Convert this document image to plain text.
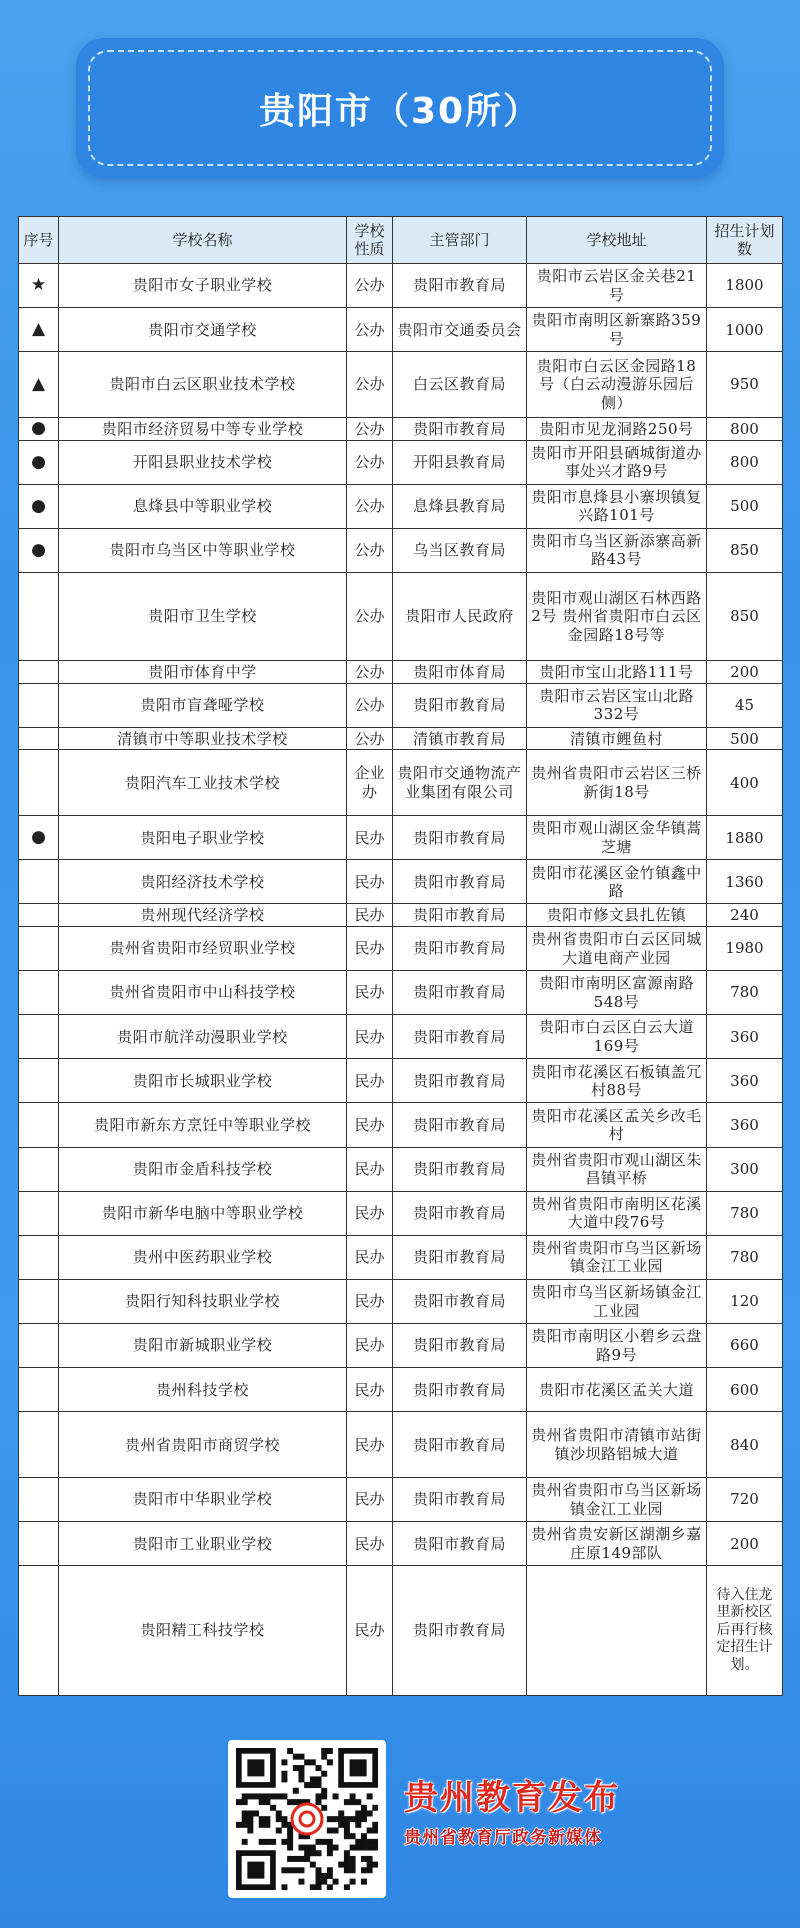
贵阳市（30所）
序号	学校名称	学校性质	主管部门	学校地址	招生计划数
★	贵阳市女子职业学校	公办	贵阳市教育局	贵阳市云岩区金关巷21号	1800
▲	贵阳市交通学校	公办	贵阳市交通委员会	贵阳市南明区新寨路359号	1000
▲	贵阳市白云区职业技术学校	公办	白云区教育局	贵阳市白云区金园路18号（白云动漫游乐园后侧）	950
●	贵阳市经济贸易中等专业学校	公办	贵阳市教育局	贵阳市见龙洞路250号	800
●	开阳县职业技术学校	公办	开阳县教育局	贵阳市开阳县硒城街道办事处兴才路9号	800
●	息烽县中等职业学校	公办	息烽县教育局	贵阳市息烽县小寨坝镇复兴路101号	500
●	贵阳市乌当区中等职业学校	公办	乌当区教育局	贵阳市乌当区新添寨高新路43号	850
	贵阳市卫生学校	公办	贵阳市人民政府	贵阳市观山湖区石林西路2号 贵州省贵阳市白云区金园路18号等	850
	贵阳市体育中学	公办	贵阳市体育局	贵阳市宝山北路111号	200
	贵阳市盲聋哑学校	公办	贵阳市教育局	贵阳市云岩区宝山北路332号	45
	清镇市中等职业技术学校	公办	清镇市教育局	清镇市鲤鱼村	500
	贵阳汽车工业技术学校	企业办	贵阳市交通物流产业集团有限公司	贵州省贵阳市云岩区三桥新街18号	400
●	贵阳电子职业学校	民办	贵阳市教育局	贵阳市观山湖区金华镇蒿芝塘	1880
	贵阳经济技术学校	民办	贵阳市教育局	贵阳市花溪区金竹镇鑫中路	1360
	贵州现代经济学校	民办	贵阳市教育局	贵阳市修文县扎佐镇	240
	贵州省贵阳市经贸职业学校	民办	贵阳市教育局	贵州省贵阳市白云区同城大道电商产业园	1980
	贵州省贵阳市中山科技学校	民办	贵阳市教育局	贵阳市南明区富源南路548号	780
	贵阳市航洋动漫职业学校	民办	贵阳市教育局	贵阳市白云区白云大道169号	360
	贵阳市长城职业学校	民办	贵阳市教育局	贵阳市花溪区石板镇盖冗村88号	360
	贵阳市新东方烹饪中等职业学校	民办	贵阳市教育局	贵阳市花溪区孟关乡改毛村	360
	贵阳市金盾科技学校	民办	贵阳市教育局	贵州省贵阳市观山湖区朱昌镇平桥	300
	贵阳市新华电脑中等职业学校	民办	贵阳市教育局	贵州省贵阳市南明区花溪大道中段76号	780
	贵州中医药职业学校	民办	贵阳市教育局	贵州省贵阳市乌当区新场镇金江工业园	780
	贵阳行知科技职业学校	民办	贵阳市教育局	贵阳市乌当区新场镇金江工业园	120
	贵阳市新城职业学校	民办	贵阳市教育局	贵阳市南明区小碧乡云盘路9号	660
	贵州科技学校	民办	贵阳市教育局	贵阳市花溪区孟关大道	600
	贵州省贵阳市商贸学校	民办	贵阳市教育局	贵州省贵阳市清镇市站街镇沙坝路铝城大道	840
	贵阳市中华职业学校	民办	贵阳市教育局	贵州省贵阳市乌当区新场镇金江工业园	720
	贵阳市工业职业学校	民办	贵阳市教育局	贵州省贵安新区湖潮乡嘉庄原149部队	200
	贵阳精工科技学校	民办	贵阳市教育局		待入住龙里新校区后再行核定招生计划。
贵州教育发布
贵州省教育厅政务新媒体
